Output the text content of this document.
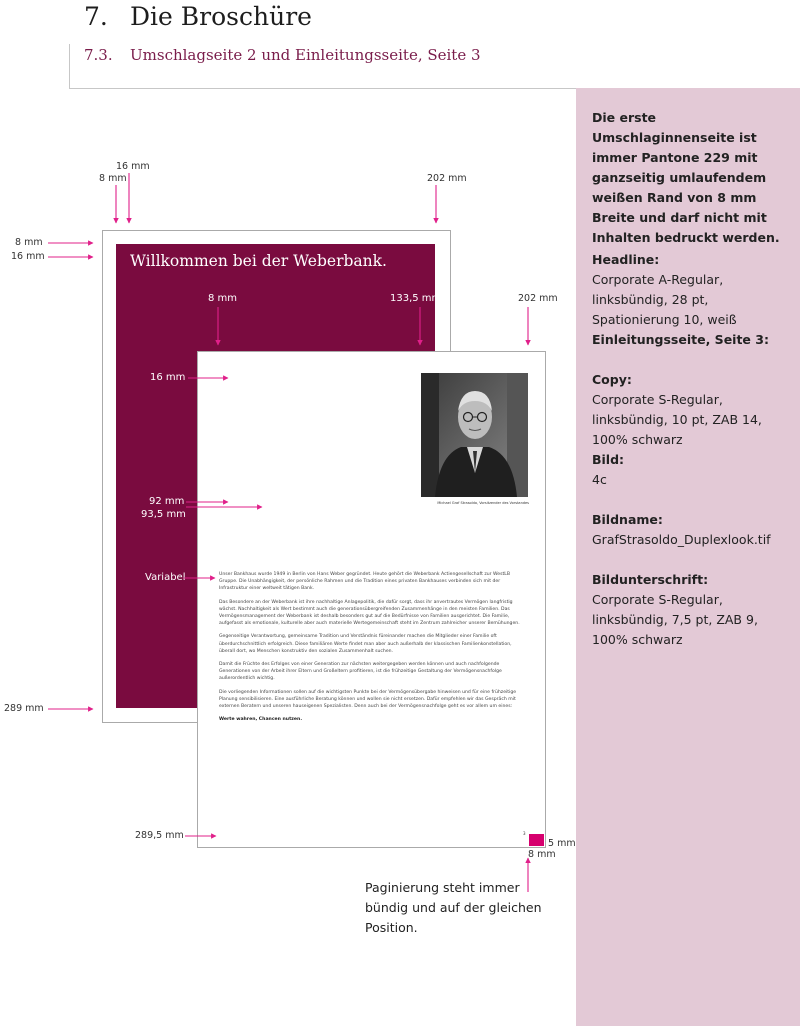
7. Die Broschüre
7.3. Umschlagseite 2 und Einleitungsseite, Seite 3
Die erste Umschlaginnenseite ist immer Pantone 229 mit ganzseitig umlaufendem weißen Rand von 8 mm Breite und darf nicht mit Inhalten bedruckt werden.
Headline:
Corporate A-Regular, linksbündig, 28 pt, Spationierung 10, weiß
Einleitungsseite, Seite 3:
Copy:
Corporate S-Regular, linksbündig, 10 pt, ZAB 14, 100% schwarz
Bild:
4c
Bildname:
GrafStrasoldo_Duplexlook.tif
Bildunterschrift:
Corporate S-Regular, linksbündig, 7,5 pt, ZAB 9, 100% schwarz
Willkommen bei der Weberbank.
Michael Graf Strasoldo, Vorsitzender des Vorstandes

Unser Bankhaus wurde 1949 in Berlin von Hans Weber gegründet. Heute gehört die Weberbank Actiengesellschaft zur WestLB Gruppe. Die Unabhängigkeit, der persönliche Rahmen und die Tradition eines privaten Bankhauses verbinden sich mit der Infrastruktur einer weltweit tätigen Bank.

Das Besondere an der Weberbank ist ihre nachhaltige Anlagepolitik, die dafür sorgt, dass ihr anvertrautes Vermögen langfristig wächst. Nachhaltigkeit als Wert bestimmt auch die generationsübergreifenden Zusammenhänge in den meisten Familien. Das Vermögensmanagement der Weberbank ist deshalb besonders gut auf die Bedürfnisse von Familien ausgerichtet. Die Familie, aufgefasst als emotionale, kulturelle aber auch materielle Wertegemeinschaft steht im Zentrum zahlreicher unserer Bemühungen.

Gegenseitige Verantwortung, gemeinsame Tradition und Verständnis füreinander machen die Mitglieder einer Familie oft überdurchschnittlich erfolgreich. Diese familiären Werte findet man aber auch außerhalb der klassischen Familienkonstellation, überall dort, wo Menschen konstruktiv den sozialen Zusammenhalt suchen.

Damit die Früchte des Erfolges von einer Generation zur nächsten weitergegeben werden können und auch nachfolgende Generationen von der Arbeit ihrer Eltern und Großeltern profitieren, ist die frühzeitige Gestaltung der Vermögensnachfolge außerordentlich wichtig.

Die vorliegenden Informationen sollen auf die wichtigsten Punkte bei der Vermögensübergabe hinweisen und für eine frühzeitige Planung sensibilisieren. Eine ausführliche Beratung können und wollen sie nicht ersetzen. Dafür empfehlen wir das Gespräch mit externen Beratern und unseren hauseigenen Spezialisten. Denn auch bei der Vermögensnachfolge geht es vor allem um eines:

Werte wahren, Chancen nutzen.

3
16 mm
8 mm	202 mm
8 mm
16 mm
289 mm
8 mm	133,5 mm	202 mm
16 mm
92 mm
93,5 mm
Variabel
289,5 mm
5 mm
8 mm
Paginierung steht immer bündig und auf der gleichen Position.
